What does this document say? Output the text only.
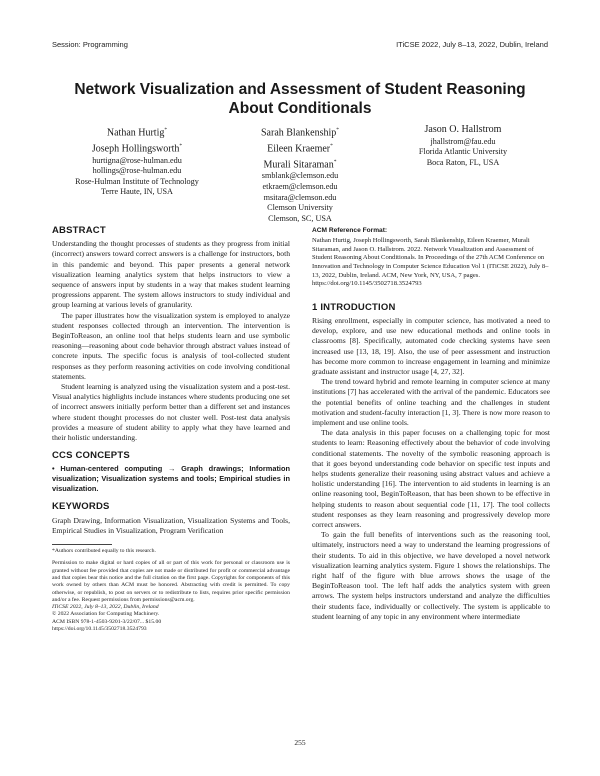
Session: Programming	ITiCSE 2022, July 8–13, 2022, Dublin, Ireland
Network Visualization and Assessment of Student Reasoning About Conditionals
Nathan Hurtig*
Joseph Hollingsworth*
hurtigna@rose-hulman.edu
hollings@rose-hulman.edu
Rose-Hulman Institute of Technology
Terre Haute, IN, USA
Sarah Blankenship*
Eileen Kraemer*
Murali Sitaraman*
smblank@clemson.edu
etkraem@clemson.edu
msitara@clemson.edu
Clemson University
Clemson, SC, USA
Jason O. Hallstrom
jhallstrom@fau.edu
Florida Atlantic University
Boca Raton, FL, USA
ABSTRACT

Understanding the thought processes of students as they progress from initial (incorrect) answers toward correct answers is a challenge for instructors, both in this pandemic and beyond. This paper presents a general network visualization learning analytics system that helps instructors to view a sequence of answers input by students in a way that makes student learning progressions apparent. The system allows instructors to study individual and group learning at various levels of granularity.

The paper illustrates how the visualization system is employed to analyze student responses collected through an intervention. The intervention is BeginToReason, an online tool that helps students learn and use symbolic reasoning—reasoning about code behavior through abstract values instead of concrete inputs. The specific focus is analysis of tool-collected student responses as they perform reasoning activities on code involving conditional statements.

Student learning is analyzed using the visualization system and a post-test. Visual analytics highlights include instances where students producing one set of incorrect answers initially perform better than a different set and instances where student thought processes do not cluster well. Post-test data analysis provides a measure of student ability to apply what they have learned and their holistic understanding.

CCS CONCEPTS

• Human-centered computing → Graph drawings; Information visualization; Visualization systems and tools; Empirical studies in visualization.

KEYWORDS

Graph Drawing, Information Visualization, Visualization Systems and Tools, Empirical Studies in Visualization, Program Verification

*Authors contributed equally to this research.

Permission to make digital or hard copies of all or part of this work for personal or classroom use is granted without fee provided that copies are not made or distributed for profit or commercial advantage and that copies bear this notice and the full citation on the first page. Copyrights for components of this work owned by others than ACM must be honored. Abstracting with credit is permitted. To copy otherwise, or republish, to post on servers or to redistribute to lists, requires prior specific permission and/or a fee. Request permissions from permissions@acm.org.

ITiCSE 2022, July 8–13, 2022, Dublin, Ireland

© 2022 Association for Computing Machinery.

ACM ISBN 978-1-4503-9201-3/22/07... $15.00

https://doi.org/10.1145/3502718.3524793

ACM Reference Format:

Nathan Hurtig, Joseph Hollingsworth, Sarah Blankenship, Eileen Kraemer, Murali Sitaraman, and Jason O. Hallstrom. 2022. Network Visualization and Assessment of Student Reasoning About Conditionals. In Proceedings of the 27th ACM Conference on Innovation and Technology in Computer Science Education Vol 1 (ITiCSE 2022), July 8–13, 2022, Dublin, Ireland. ACM, New York, NY, USA, 7 pages. https://doi.org/10.1145/3502718.3524793

1 INTRODUCTION

Rising enrollment, especially in computer science, has motivated a need to develop, explore, and use new educational methods and online tools in classrooms [8]. Specifically, automated code checking systems have seen increased use [13, 18, 19]. Also, the use of peer assessment and instruction has become more common to increase engagement in learning and minimize graduate assistant and instructor usage [4, 27, 32].

The trend toward hybrid and remote learning in computer science at many institutions [7] has accelerated with the arrival of the pandemic. Educators see the potential benefits of online teaching and the challenges in student motivation and student-faculty interaction [1, 3]. There is now more reason to implement and use online tools.

The data analysis in this paper focuses on a challenging topic for most students to learn: Reasoning effectively about the behavior of code involving conditional statements. The novelty of the symbolic reasoning approach is that it goes beyond understanding code behavior on specific test inputs and helps students generalize their reasoning using abstract values and achieve a holistic understanding [16]. The intervention to aid students in learning is an online reasoning tool, BeginToReason, that has been shown to be effective in helping students to reason about sequential code [11, 17]. The tool collects student responses as they learn reasoning and progressively develop more correct answers.

To gain the full benefits of interventions such as the reasoning tool, ultimately, instructors need a way to understand the learning progressions of their students. To aid in this objective, we have developed a novel network visualization learning analytics system. Figure 1 shows the relationships. The right half of the figure with blue arrows shows the usage of the BeginToReason tool. The left half adds the analytics system with green arrows. The system helps instructors understand and analyze the difficulties their students face, individually or collectively. The system is applicable to student learning of any topic in any environment where intermediate

255
